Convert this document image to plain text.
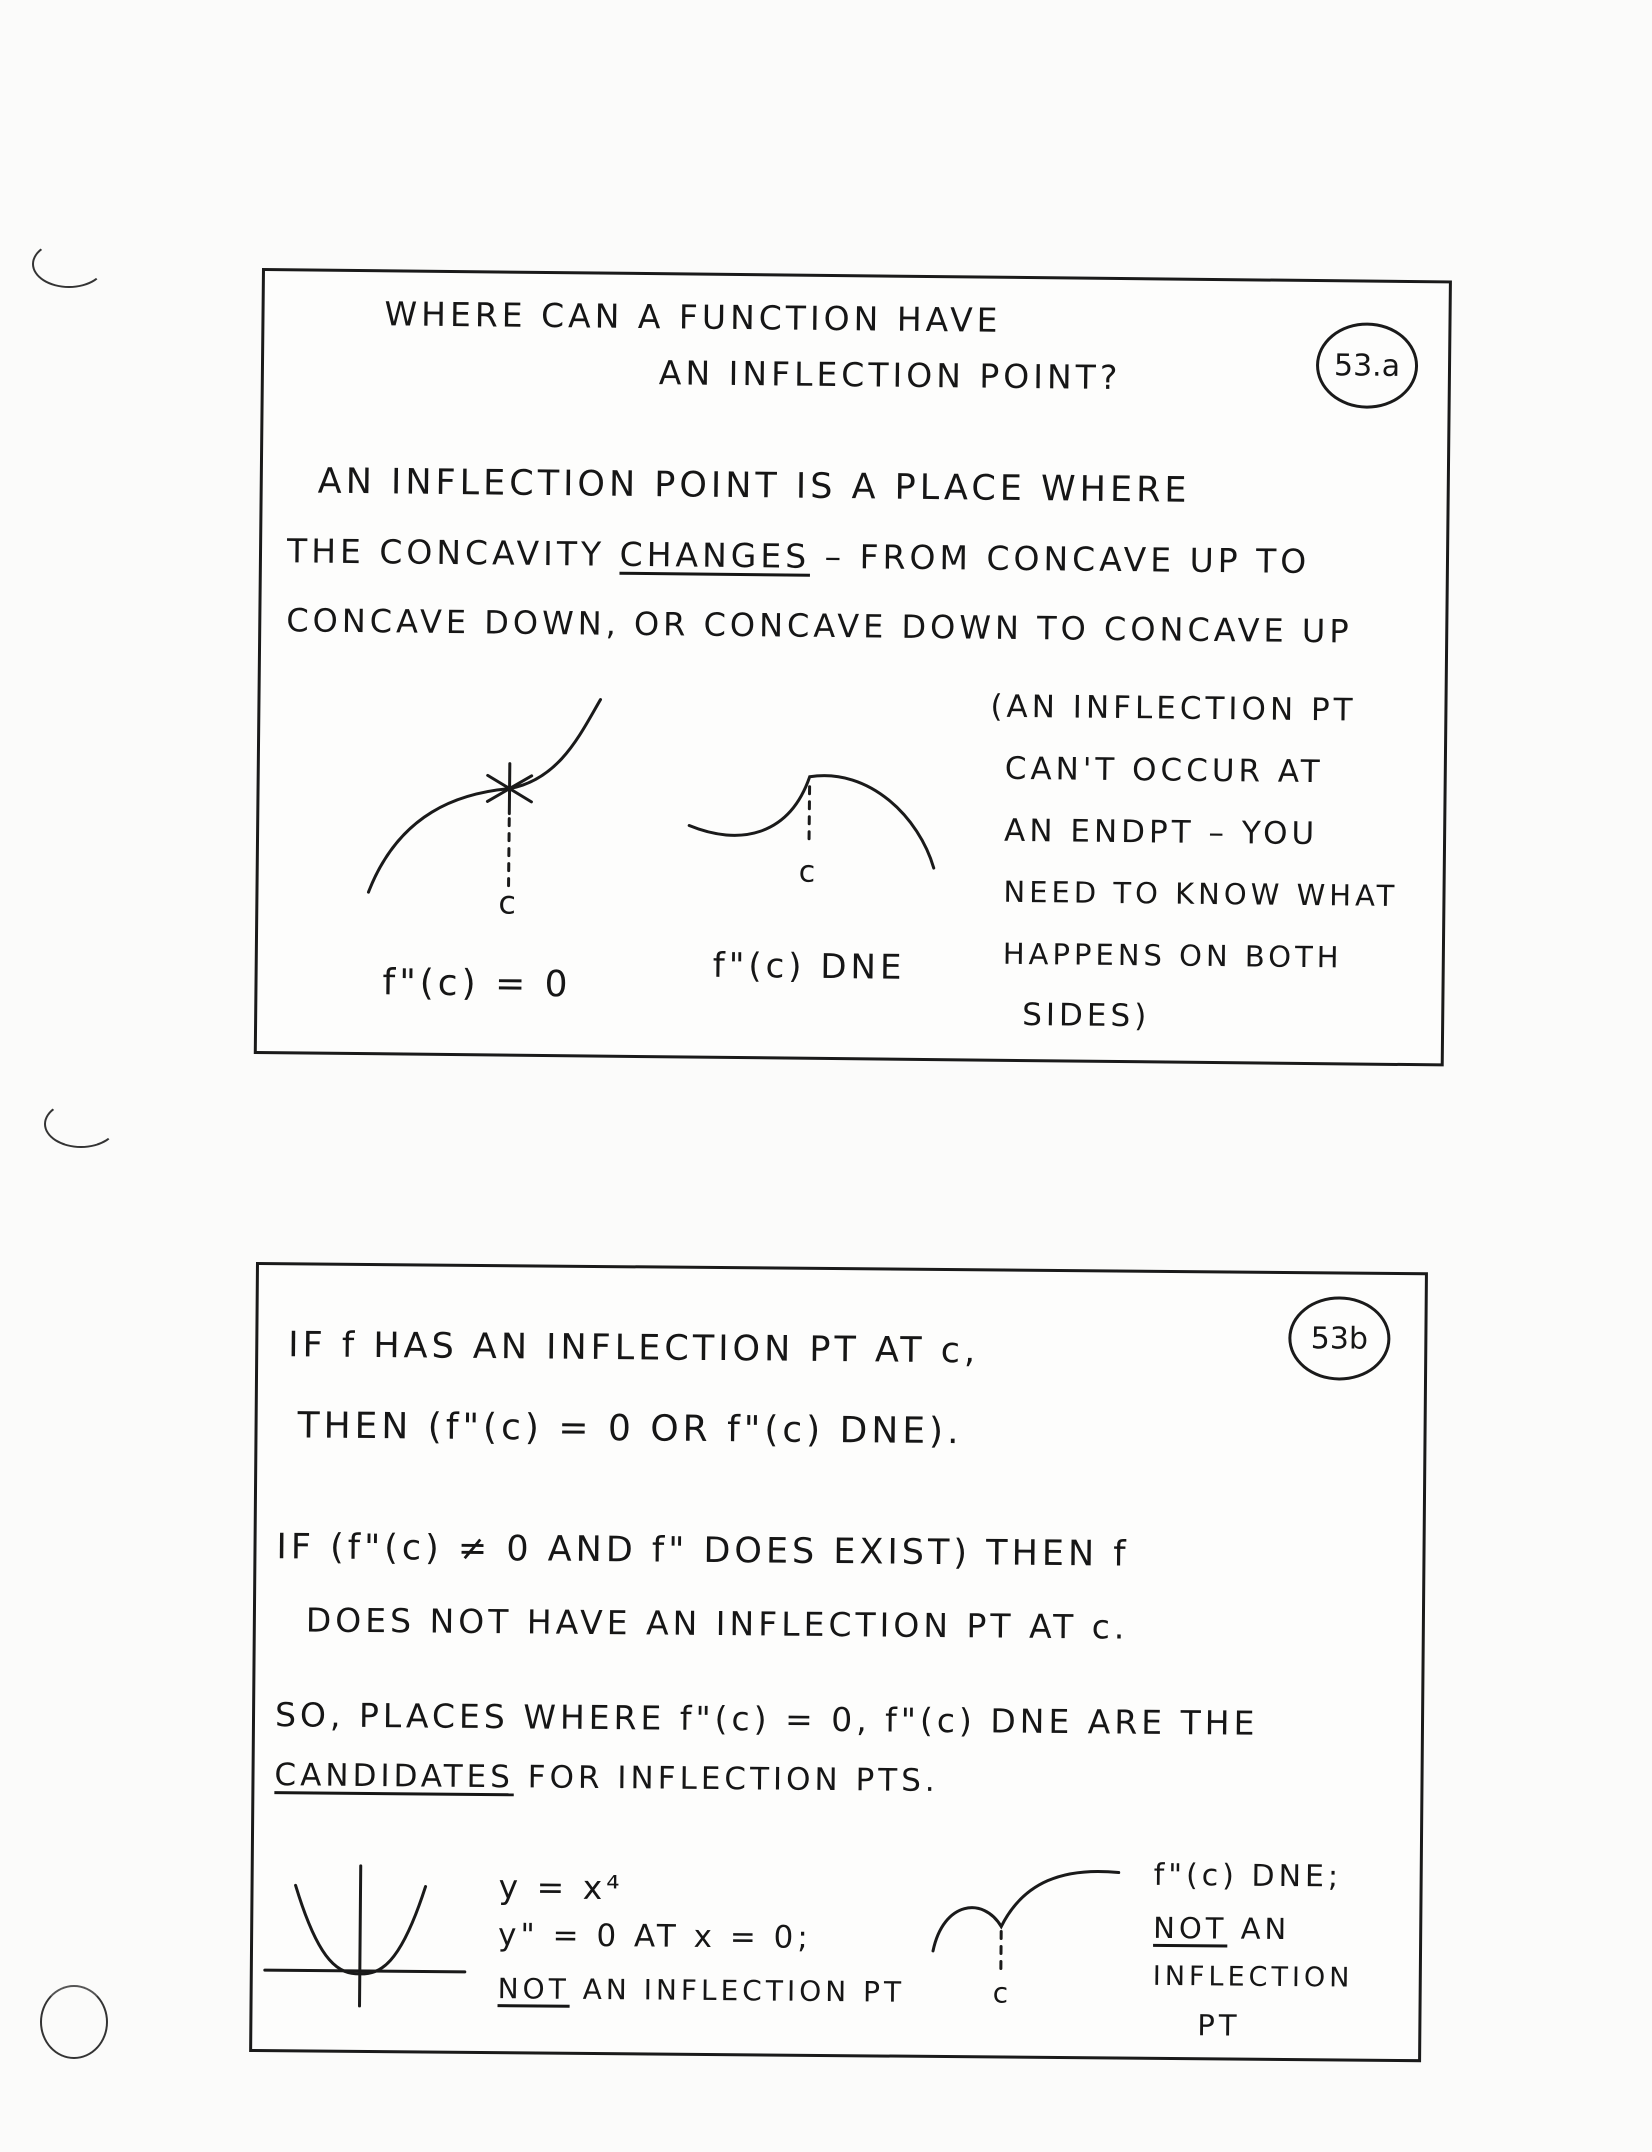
WHERE CAN A FUNCTION HAVE
AN INFLECTION POINT?	53.a
AN INFLECTION POINT IS A PLACE WHERE
THE CONCAVITY CHANGES – FROM CONCAVE UP TO
CONCAVE DOWN, OR CONCAVE DOWN TO CONCAVE UP
c
f"(c) = 0
c
f"(c) DNE
(AN INFLECTION PT
CAN'T OCCUR AT
AN ENDPT – YOU
NEED TO KNOW WHAT
HAPPENS ON BOTH
SIDES)
53b
IF f HAS AN INFLECTION PT AT c,
THEN (f"(c) = 0 OR f"(c) DNE).
IF (f"(c) ≠ 0 AND f" DOES EXIST) THEN f
DOES NOT HAVE AN INFLECTION PT AT c.
SO, PLACES WHERE f"(c) = 0, f"(c) DNE ARE THE
CANDIDATES FOR INFLECTION PTS.
y = x⁴
y" = 0 AT x = 0;
NOT AN INFLECTION PT	c
f"(c) DNE;
NOT AN
INFLECTION
PT
